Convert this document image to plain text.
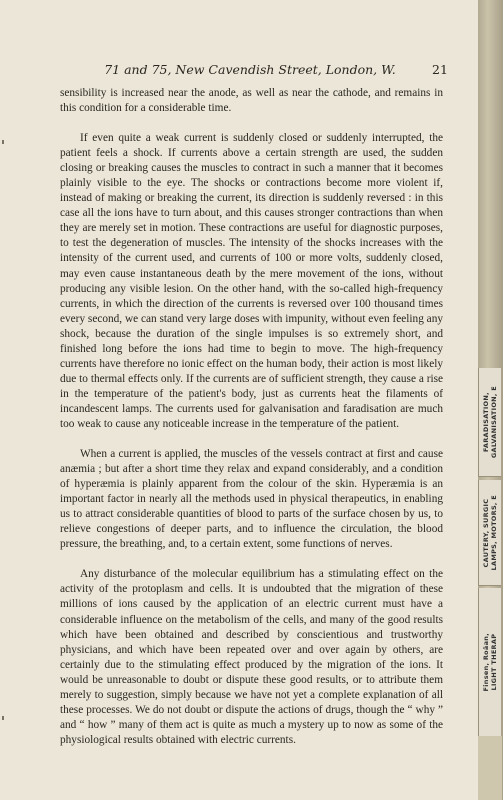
71 and 75, New Cavendish Street, London, W.	21

sensibility is increased near the anode, as well as near the cathode, and remains in this condition for a considerable time.

If even quite a weak current is suddenly closed or suddenly interrupted, the patient feels a shock. If currents above a certain strength are used, the sudden closing or breaking causes the muscles to contract in such a manner that it becomes plainly visible to the eye. The shocks or contractions become more violent if, instead of making or breaking the current, its direction is suddenly reversed : in this case all the ions have to turn about, and this causes stronger contractions than when they are merely set in motion. These contractions are useful for diagnostic purposes, to test the degeneration of muscles. The intensity of the shocks increases with the intensity of the current used, and currents of 100 or more volts, suddenly closed, may even cause instantaneous death by the mere movement of the ions, without producing any visible lesion. On the other hand, with the so-called high-frequency currents, in which the direction of the currents is reversed over 100 thousand times every second, we can stand very large doses with impunity, without even feeling any shock, because the duration of the single impulses is so extremely short, and finished long before the ions had time to begin to move. The high-frequency currents have therefore no ionic effect on the human body, their action is most likely due to thermal effects only. If the currents are of sufficient strength, they cause a rise in the temperature of the patient's body, just as currents heat the filaments of incandescent lamps. The currents used for galvanisation and faradisation are much too weak to cause any noticeable increase in the temperature of the patient.

When a current is applied, the muscles of the vessels contract at first and cause anæmia ; but after a short time they relax and expand considerably, and a condition of hyperæmia is plainly apparent from the colour of the skin. Hyperæmia is an important factor in nearly all the methods used in physical therapeutics, in enabling us to attract considerable quantities of blood to parts of the surface chosen by us, to relieve congestions of deeper parts, and to influence the circulation, the blood pressure, the breathing, and, to a certain extent, some functions of nerves.

Any disturbance of the molecular equilibrium has a stimulating effect on the activity of the protoplasm and cells. It is undoubted that the migration of these millions of ions caused by the application of an electric current must have a considerable influence on the metabolism of the cells, and many of the good results which have been obtained and described by conscientious and trustworthy physicians, and which have been repeated over and over again by others, are certainly due to the stimulating effect produced by the migration of the ions. It would be unreasonable to doubt or dispute these good results, or to attribute them merely to suggestion, simply because we have not yet a complete explanation of all these processes. We do not doubt or dispute the actions of drugs, though the “ why ” and “ how ” many of them act is quite as much a mystery up to now as some of the physiological results obtained with electric currents.

FARADISATION,
GALVANISATION, E
CAUTERY, SURGIC
LAMPS, MOTORS, E
Finsen, Roäan,
LIGHT THERAP
